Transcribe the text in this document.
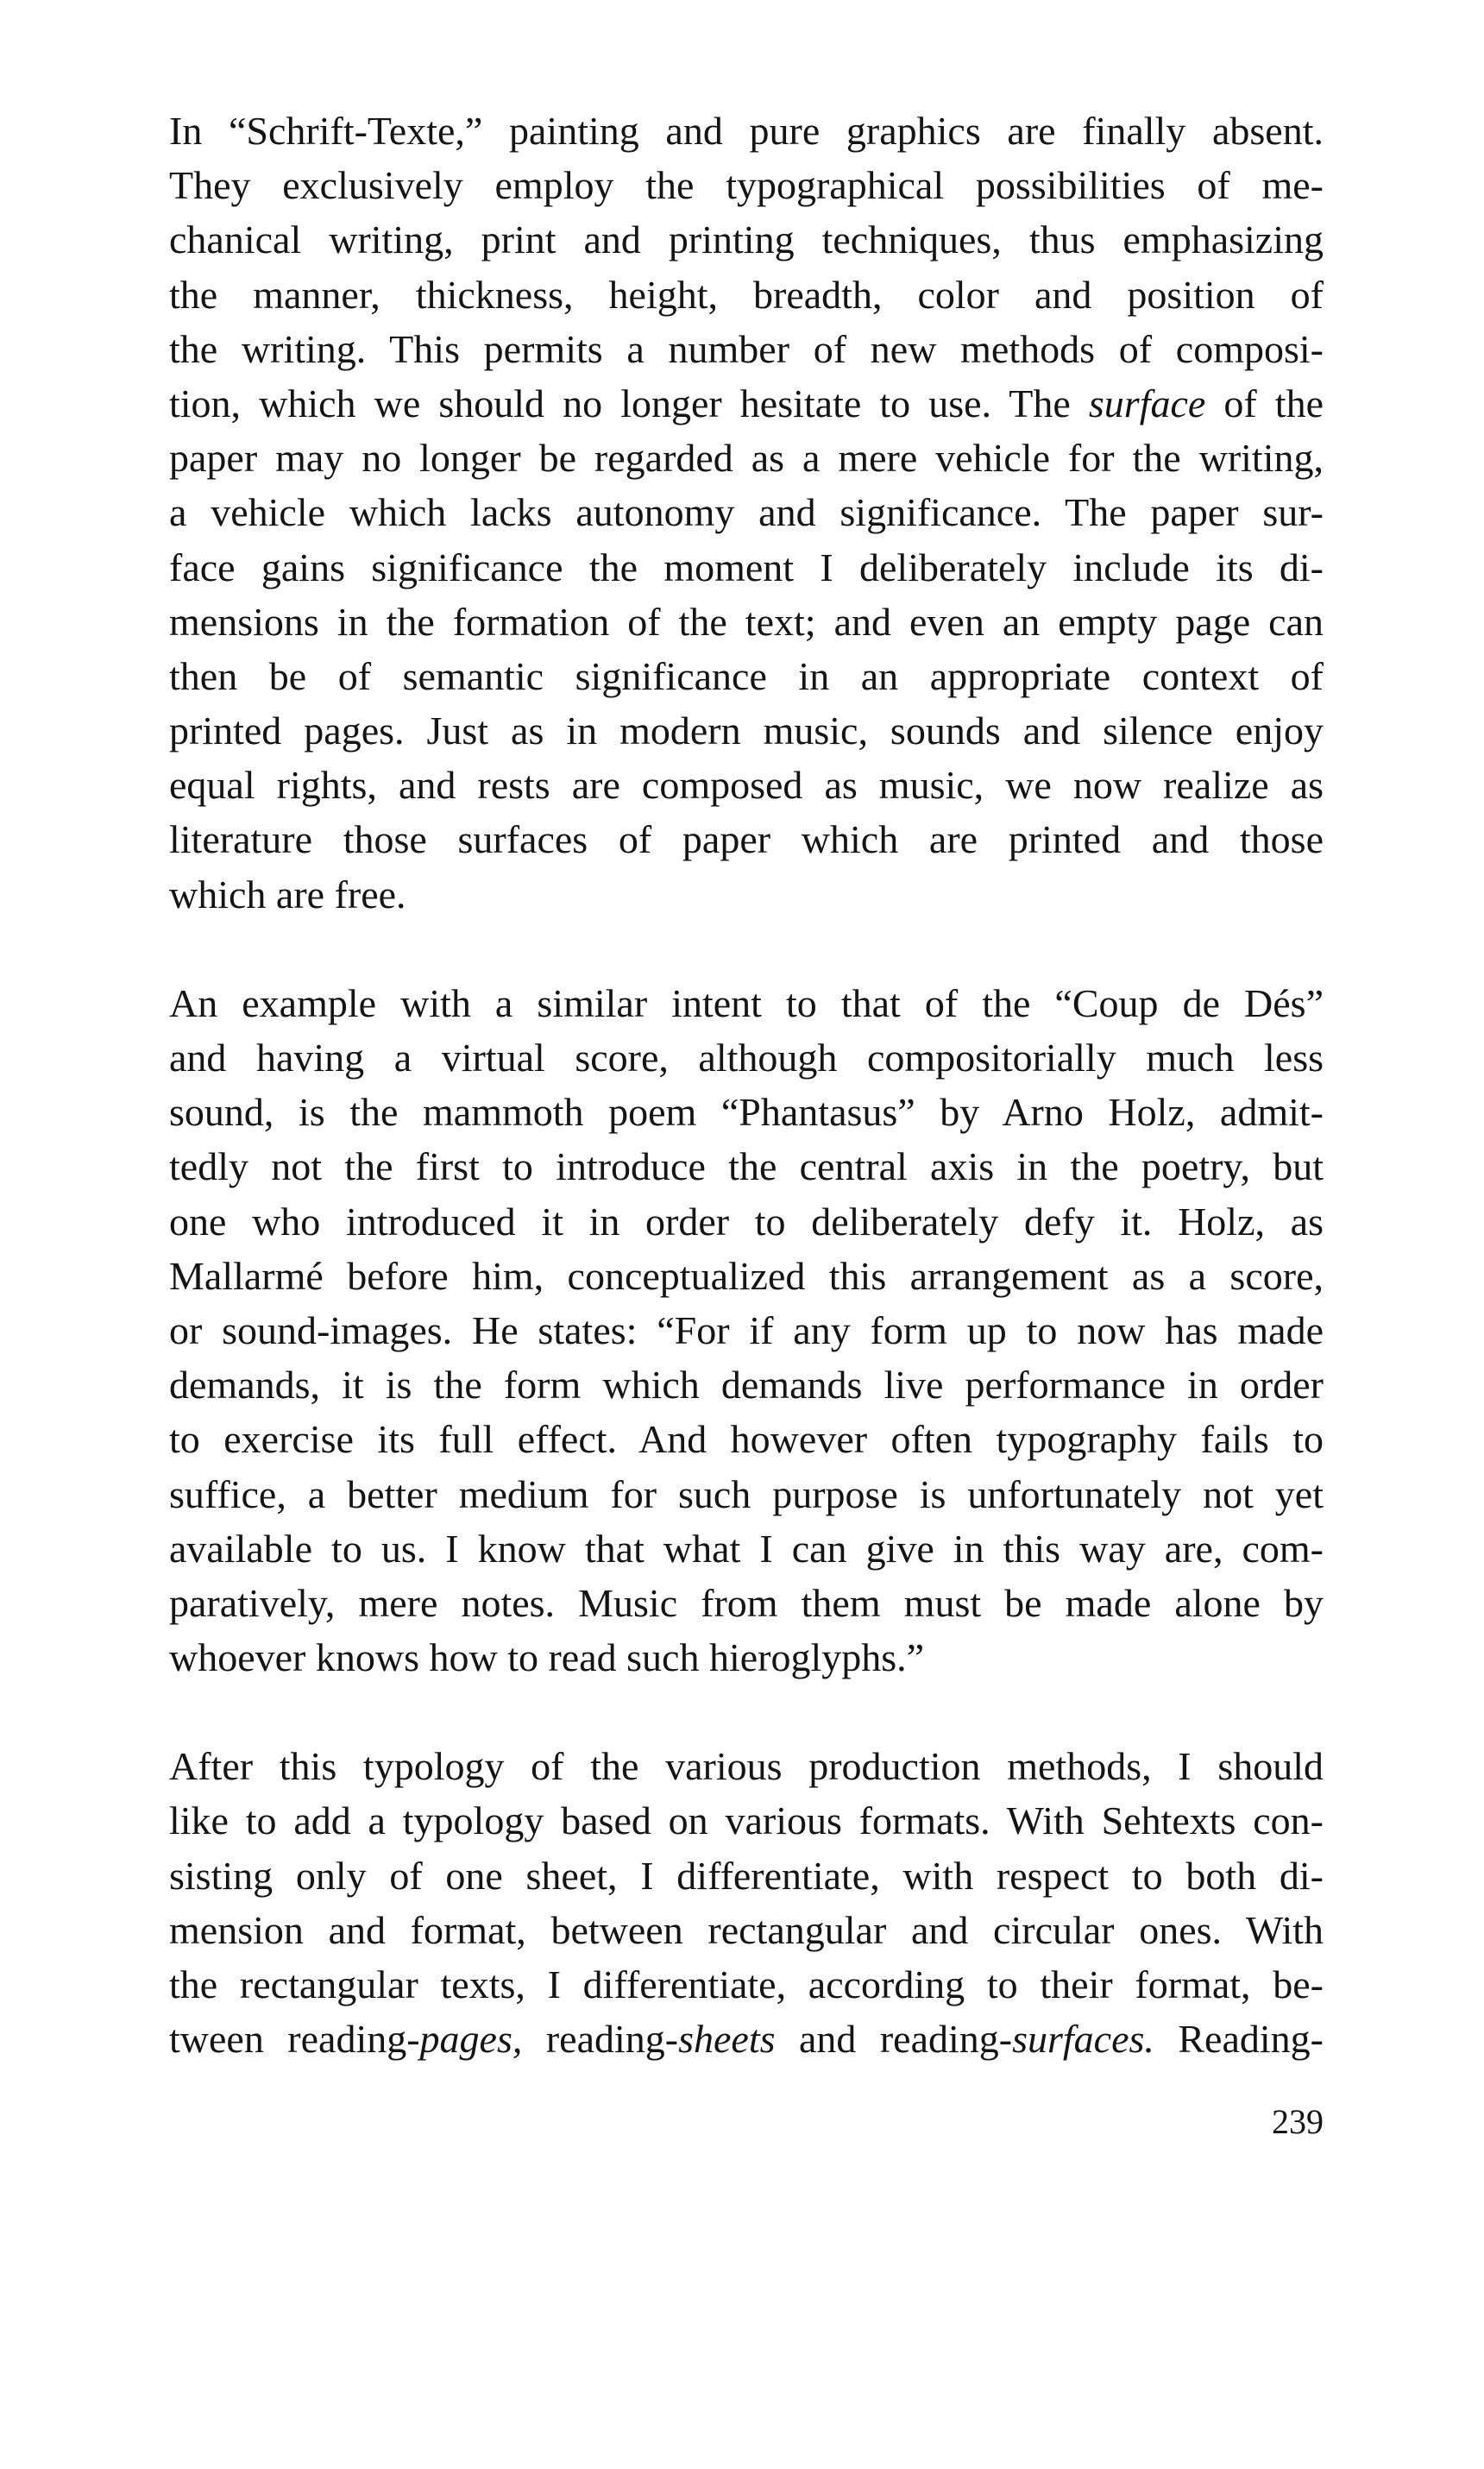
In “Schrift-Texte,” painting and pure graphics are finally absent.
They exclusively employ the typographical possibilities of me-
chanical writing, print and printing techniques, thus emphasizing
the manner, thickness, height, breadth, color and position of
the writing. This permits a number of new methods of composi-
tion, which we should no longer hesitate to use. The surface of the
paper may no longer be regarded as a mere vehicle for the writing,
a vehicle which lacks autonomy and significance. The paper sur-
face gains significance the moment I deliberately include its di-
mensions in the formation of the text; and even an empty page can
then be of semantic significance in an appropriate context of
printed pages. Just as in modern music, sounds and silence enjoy
equal rights, and rests are composed as music, we now realize as
literature those surfaces of paper which are printed and those
which are free.
An example with a similar intent to that of the “Coup de Dés”
and having a virtual score, although compositorially much less
sound, is the mammoth poem “Phantasus” by Arno Holz, admit-
tedly not the first to introduce the central axis in the poetry, but
one who introduced it in order to deliberately defy it. Holz, as
Mallarmé before him, conceptualized this arrangement as a score,
or sound-images. He states: “For if any form up to now has made
demands, it is the form which demands live performance in order
to exercise its full effect. And however often typography fails to
suffice, a better medium for such purpose is unfortunately not yet
available to us. I know that what I can give in this way are, com-
paratively, mere notes. Music from them must be made alone by
whoever knows how to read such hieroglyphs.”
After this typology of the various production methods, I should
like to add a typology based on various formats. With Sehtexts con-
sisting only of one sheet, I differentiate, with respect to both di-
mension and format, between rectangular and circular ones. With
the rectangular texts, I differentiate, according to their format, be-
tween reading-pages, reading-sheets and reading-surfaces. Reading-
239
